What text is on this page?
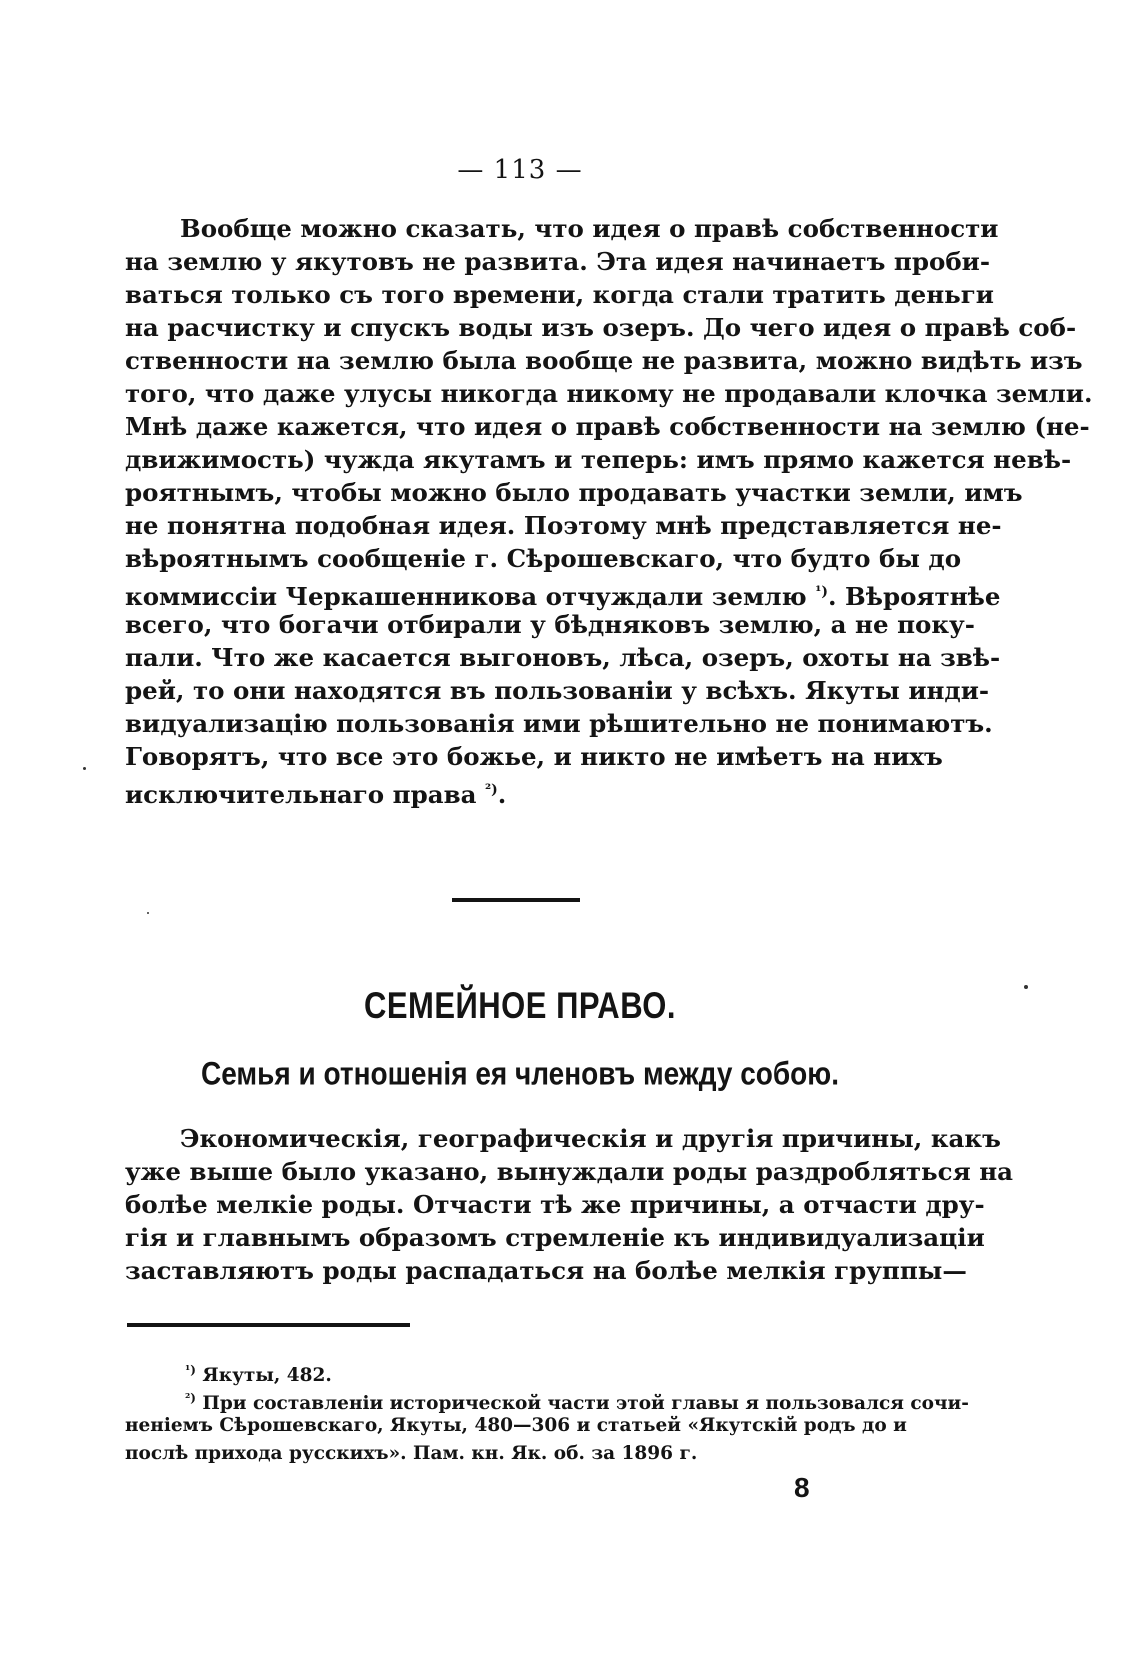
— 113 —
Вообще можно сказать, что идея о правѣ собственности
на землю у якутовъ не развита. Эта идея начинаетъ проби-
ваться только съ того времени, когда стали тратить деньги
на расчистку и спускъ воды изъ озеръ. До чего идея о правѣ соб-
ственности на землю была вообще не развита, можно видѣть изъ
того, что даже улусы никогда никому не продавали клочка земли.
Мнѣ даже кажется, что идея о правѣ собственности на землю (не-
движимость) чужда якутамъ и теперь: имъ прямо кажется невѣ-
роятнымъ, чтобы можно было продавать участки земли, имъ
не понятна подобная идея. Поэтому мнѣ представляется не-
вѣроятнымъ сообщеніе г. Сѣрошевскаго, что будто бы до
коммиссіи Черкашенникова отчуждали землю $^{^1)}$. Вѣроятнѣе
всего, что богачи отбирали у бѣдняковъ землю, а не поку-
пали. Что же касается выгоновъ, лѣса, озеръ, охоты на звѣ-
рей, то они находятся въ пользованіи у всѣхъ. Якуты инди-
видуализацію пользованія ими рѣшительно не понимаютъ.
Говорятъ, что все это божье, и никто не имѣетъ на нихъ
исключительнаго права $^{^2)}$.
СЕМЕЙНОЕ ПРАВО.
Семья и отношенія ея членовъ между собою.
Экономическія, географическія и другія причины, какъ
уже выше было указано, вынуждали роды раздробляться на
болѣе мелкіе роды. Отчасти тѣ же причины, а отчасти дру-
гія и главнымъ образомъ стремленіе къ индивидуализаціи
заставляютъ роды распадаться на болѣе мелкія группы—
$^{^1)}$ Якуты, 482.
$^{^2)}$ При составленіи исторической части этой главы я пользовался сочи-
неніемъ Сѣрошевскаго, Якуты, 480—306 и статьей «Якутскій родъ до и
послѣ прихода русскихъ». Пам. кн. Як. об. за 1896 г.
8
